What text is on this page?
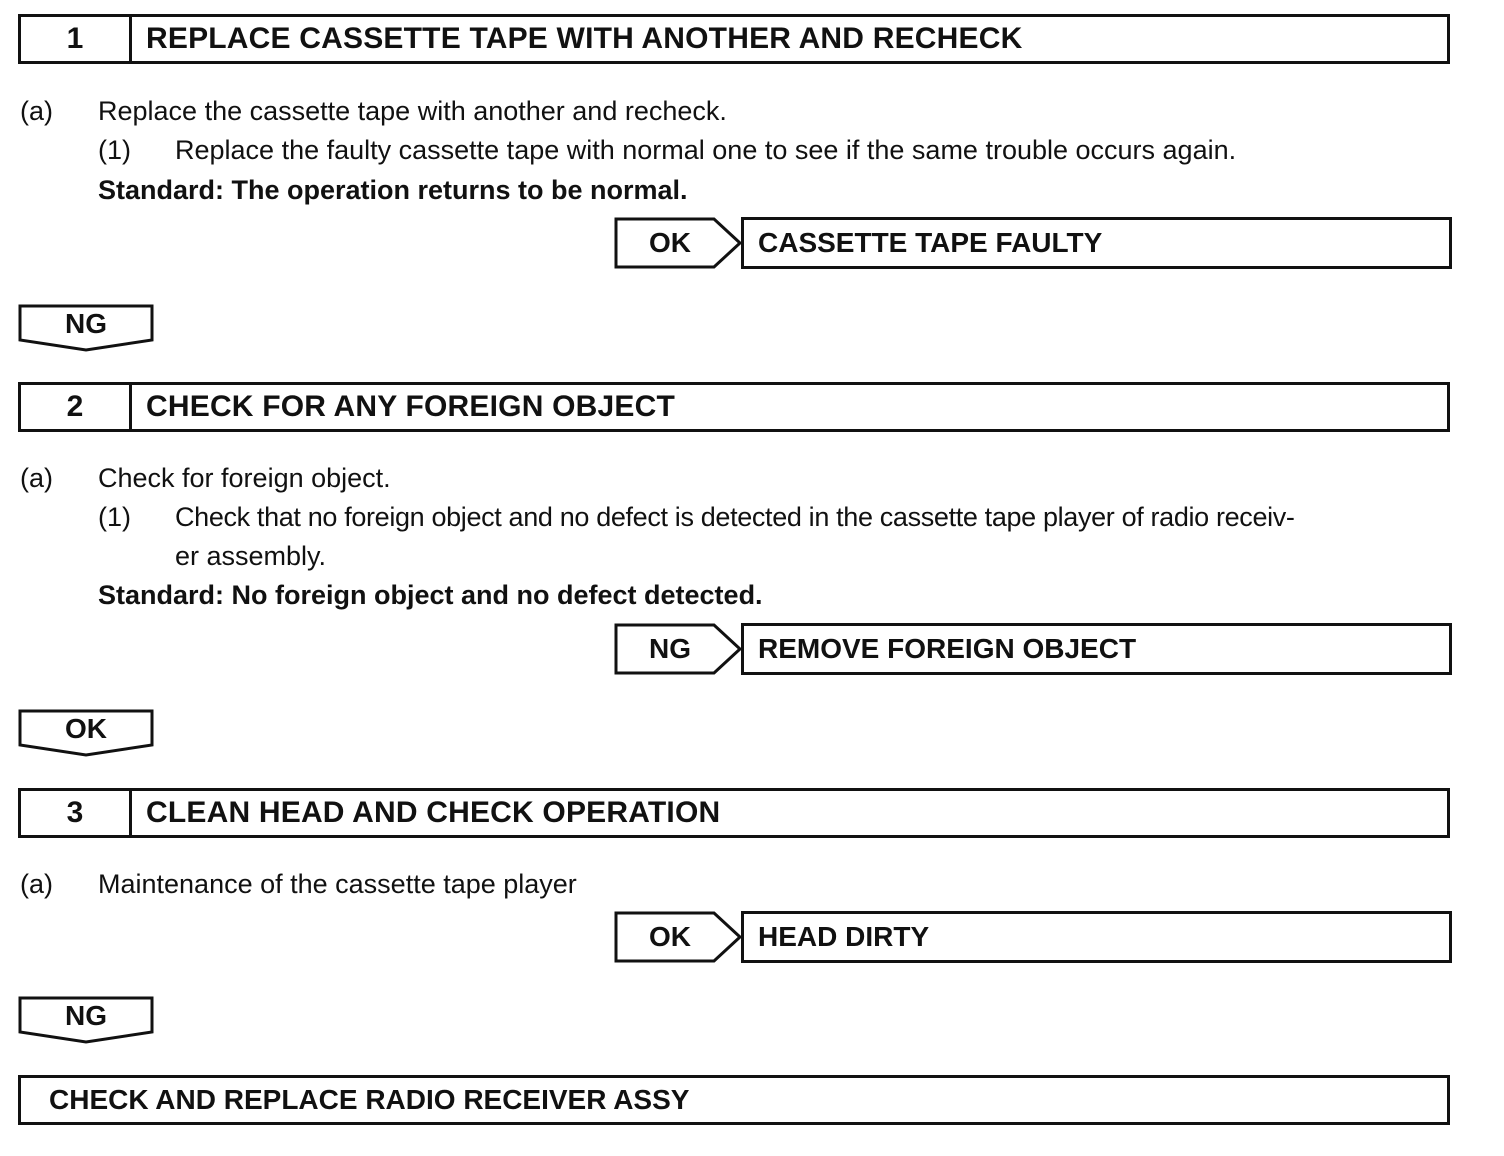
1	REPLACE CASSETTE TAPE WITH ANOTHER AND RECHECK
(a) Replace the cassette tape with another and recheck.
(1) Replace the faulty cassette tape with normal one to see if the same trouble occurs again.
Standard: The operation returns to be normal.
OK	CASSETTE TAPE FAULTY
NG
2	CHECK FOR ANY FOREIGN OBJECT
(a) Check for foreign object.
(1) Check that no foreign object and no defect is detected in the cassette tape player of radio receiv-
er assembly.
Standard: No foreign object and no defect detected.
NG	REMOVE FOREIGN OBJECT
OK
3	CLEAN HEAD AND CHECK OPERATION
(a) Maintenance of the cassette tape player
OK	HEAD DIRTY
NG
CHECK AND REPLACE RADIO RECEIVER ASSY
